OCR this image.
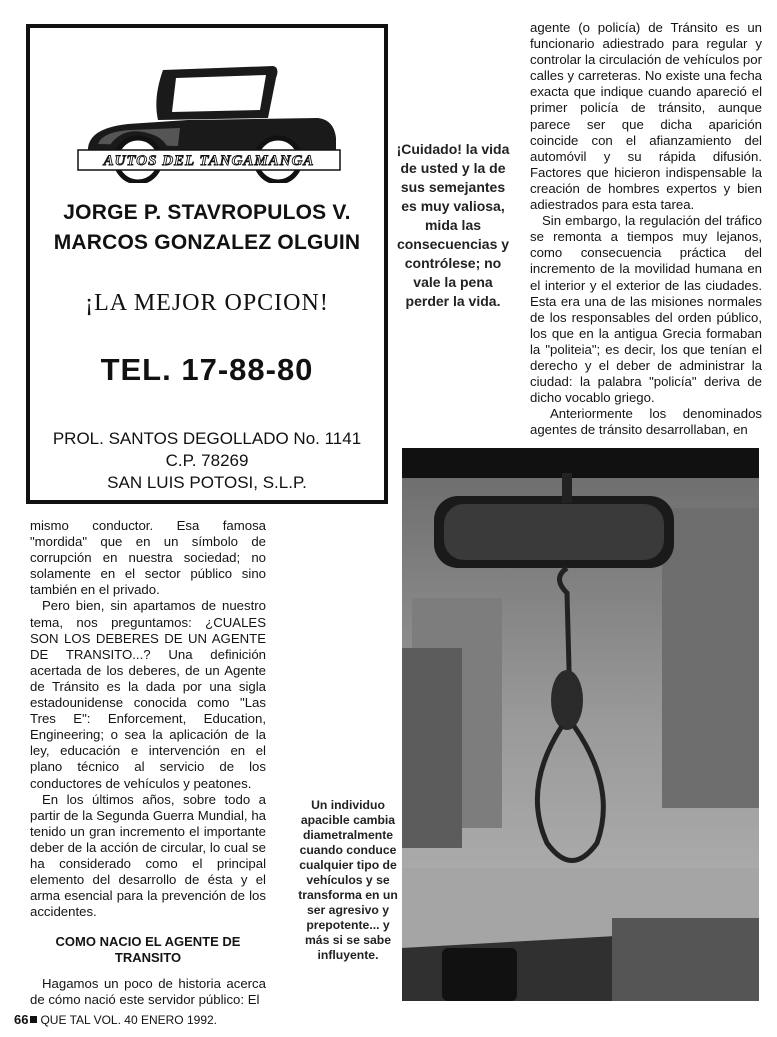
AUTOS DEL TANGAMANGA
JORGE P. STAVROPULOS V.
MARCOS GONZALEZ OLGUIN
¡LA MEJOR OPCION!
TEL. 17-88-80
PROL. SANTOS DEGOLLADO No. 1141
C.P. 78269
SAN LUIS POTOSI, S.L.P.
¡Cuidado! la vida de usted y la de sus semejantes es muy valiosa, mida las consecuencias y contrólese; no vale la pena perder la vida.

agente (o policía) de Tránsito es un funcionario adiestrado para regular y controlar la circulación de vehículos por calles y carreteras. No existe una fecha exacta que indique cuando apareció el primer policía de tránsito, aunque parece ser que dicha aparición coincide con el afianzamiento del automóvil y su rápida difusión. Factores que hicieron indispensable la creación de hombres expertos y bien adiestrados para esta tarea.

Sin embargo, la regulación del tráfico se remonta a tiempos muy lejanos, como consecuencia práctica del incremento de la movilidad humana en el interior y el exterior de las ciudades. Esta era una de las misiones normales de los responsables del orden público, los que en la antigua Grecia formaban la "politeia"; es decir, los que tenían el derecho y el deber de administrar la ciudad: la palabra "policía" deriva de dicho vocablo griego.

Anteriormente los denominados agentes de tránsito desarrollaban, en

Un individuo apacible cambia diametralmente cuando conduce cualquier tipo de vehículos y se transforma en un ser agresivo y prepotente... y más si se sabe influyente.

mismo conductor. Esa famosa "mordida" que en un símbolo de corrupción en nuestra sociedad; no solamente en el sector público sino también en el privado.

Pero bien, sin apartamos de nuestro tema, nos preguntamos: ¿CUALES SON LOS DEBERES DE UN AGENTE DE TRANSITO...? Una definición acertada de los deberes, de un Agente de Tránsito es la dada por una sigla estadounidense conocida como "Las Tres E": Enforcement, Education, Engineering; o sea la aplicación de la ley, educación e intervención en el plano técnico al servicio de los conductores de vehículos y peatones.

En los últimos años, sobre todo a partir de la Segunda Guerra Mundial, ha tenido un gran incremento el importante deber de la acción de circular, lo cual se ha considerado como el principal elemento del desarrollo de ésta y el arma esencial para la prevención de los accidentes.

COMO NACIO EL AGENTE DE TRANSITO

Hagamos un poco de historia acerca de cómo nació este servidor público: El

66 QUE TAL VOL. 40 ENERO 1992.
